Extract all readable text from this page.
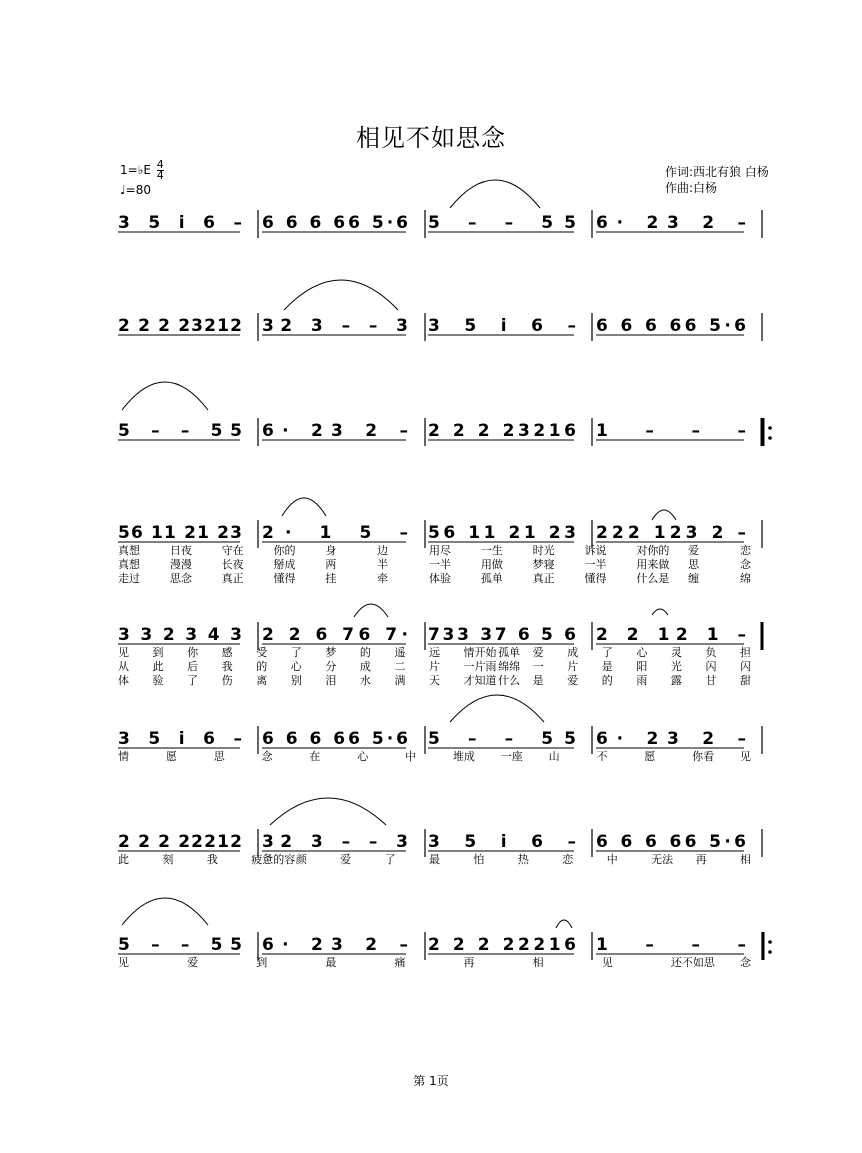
相见不如思念
1=♭E $\frac{4}{4}$
♩=80
作词:西北有狼 白杨
作曲:白杨
3 5 i 6 – 6 6 6 66 5·6 5 – – 55 6· 23 2 –
2 2 2 23212 32 3 – – 3 3 5 i 6 – 6 6 6 66 5·6
5 – – 55 6· 23 2 – 2 2 2 23216 1 – – –
56 11 21 23 2· 1 5 – 56 11 21 23 222 123 2 –
真想	日夜	守在	你的	身	边	用尽	一生	时光	诉说	对你的 爱	恋
真想	漫漫	长夜	掰成	两	半	一半	用做	梦寝	一半	用来做 思	念
走过	思念	真正	懂得	挂	牵	体验	孤单	真正	懂得	什么是 缠	绵
3 3 2 3 4 3 2 2 6 76 7· 733 37 6 5 6 2 2 12 1 –
见 到 你 感 受 了 梦 的 遥 远 情开始 孤单 爱 成 了 心 灵 负 担
从 此 后 我 的 心 分 成 二 片 一片雨 绵绵 一 片 是 阳 光 闪 闪
体 验 了 伤 离 别 泪 水 满 天 才知道 什么 是 爱 的 雨 露 甘 甜
3 5 i 6 – 6 6 6 66 5·6 5 – – 55 6· 23 2 –
情	愿	思	念	在	心	中	堆成 一座 山	不	愿	你看 见
2 2 2 22212 32 3 – – 3 3 5 i 6 – 6 6 6 66 5·6
此	刻	我	疲惫的容 颜	爱	了	最	怕	热	恋	中	无法 再	相
5 – – 55 6· 23 2 – 2 2 2 22216 1 – – –
见	爱	到	最	痛	再	相	见	还不如思 念
第 1页
